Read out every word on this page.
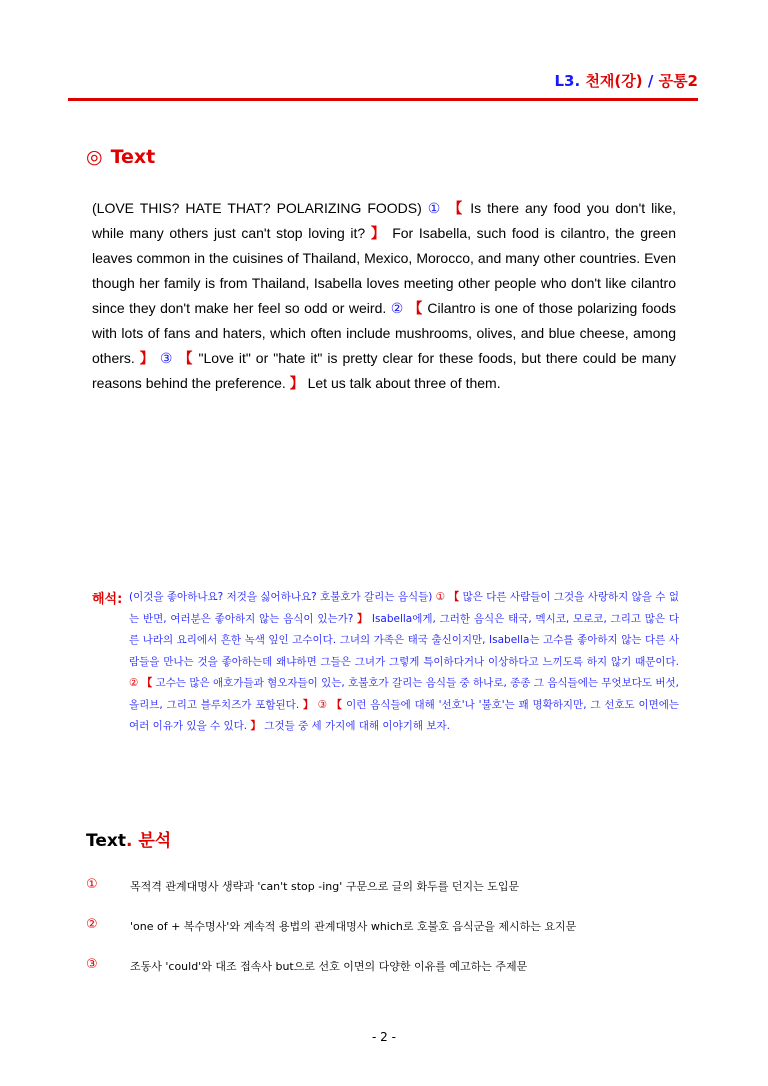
L3. 천재(강) / 공통2
◎ Text
(LOVE THIS? HATE THAT? POLARIZING FOODS) ① 【 Is there any food you don't like, while many others just can't stop loving it? 】 For Isabella, such food is cilantro, the green leaves common in the cuisines of Thailand, Mexico, Morocco, and many other countries. Even though her family is from Thailand, Isabella loves meeting other people who don't like cilantro since they don't make her feel so odd or weird. ② 【 Cilantro is one of those polarizing foods with lots of fans and haters, which often include mushrooms, olives, and blue cheese, among others. 】 ③ 【 "Love it" or "hate it" is pretty clear for these foods, but there could be many reasons behind the preference. 】 Let us talk about three of them.
해석: (이것을 좋아하나요? 저것을 싫어하나요? 호불호가 갈리는 음식들) ① 【 많은 다른 사람들이 그것을 사랑하지 않을 수 없는 반면, 여러분은 좋아하지 않는 음식이 있는가? 】 Isabella에게, 그러한 음식은 태국, 멕시코, 모로코, 그리고 많은 다른 나라의 요리에서 흔한 녹색 잎인 고수이다. 그녀의 가족은 태국 출신이지만, Isabella는 고수를 좋아하지 않는 다른 사람들을 만나는 것을 좋아하는데 왜냐하면 그들은 그녀가 그렇게 특이하다거나 이상하다고 느끼도록 하지 않기 때문이다. ② 【 고수는 많은 애호가들과 혐오자들이 있는, 호불호가 갈리는 음식들 중 하나로, 종종 그 음식들에는 무엇보다도 버섯, 올리브, 그리고 블루치즈가 포함된다. 】 ③ 【 이런 음식들에 대해 '선호'나 '불호'는 꽤 명확하지만, 그 선호도 이면에는 여러 이유가 있을 수 있다. 】 그것들 중 세 가지에 대해 이야기해 보자.
Text. 분석
①	목적격 관계대명사 생략과 'can't stop -ing' 구문으로 글의 화두를 던지는 도입문
②	'one of + 복수명사'와 계속적 용법의 관계대명사 which로 호불호 음식군을 제시하는 요지문
③	조동사 'could'와 대조 접속사 but으로 선호 이면의 다양한 이유를 예고하는 주제문
- 2 -
